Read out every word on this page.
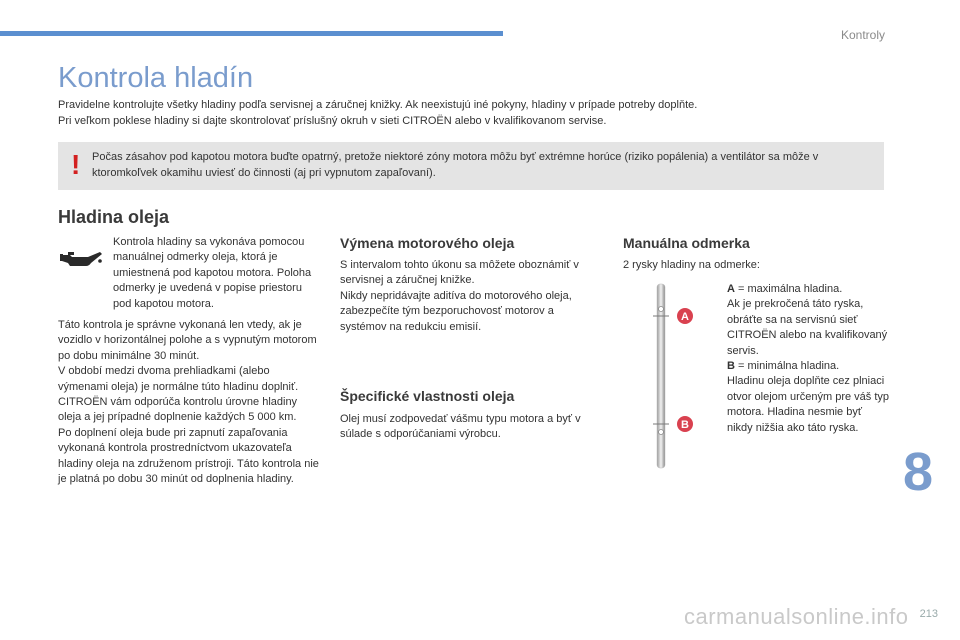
Kontroly
Kontrola hladín

Pravidelne kontrolujte všetky hladiny podľa servisnej a záručnej knižky. Ak neexistujú iné pokyny, hladiny v prípade potreby doplňte.

Pri veľkom poklese hladiny si dajte skontrolovať príslušný okruh v sieti CITROËN alebo v kvalifikovanom servise.

! Počas zásahov pod kapotou motora buďte opatrný, pretože niektoré zóny motora môžu byť extrémne horúce (riziko popálenia) a ventilátor sa môže v ktoromkoľvek okamihu uviesť do činnosti (aj pri vypnutom zapaľovaní).
Hladina oleja
Kontrola hladiny sa vykonáva pomocou manuálnej odmerky oleja, ktorá je umiestnená pod kapotou motora. Poloha odmerky je uvedená v popise priestoru pod kapotou motora.

Táto kontrola je správne vykonaná len vtedy, ak je vozidlo v horizontálnej polohe a s vypnutým motorom po dobu minimálne 30 minút.

V období medzi dvoma prehliadkami (alebo výmenami oleja) je normálne túto hladinu doplniť. CITROËN vám odporúča kontrolu úrovne hladiny oleja a jej prípadné doplnenie každých 5 000 km.

Po doplnení oleja bude pri zapnutí zapaľovania vykonaná kontrola prostredníctvom ukazovateľa hladiny oleja na združenom prístroji. Táto kontrola nie je platná po dobu 30 minút od doplnenia hladiny.

Výmena motorového oleja

S intervalom tohto úkonu sa môžete oboznámiť v servisnej a záručnej knižke.

Nikdy nepridávajte aditíva do motorového oleja, zabezpečíte tým bezporuchovosť motorov a systémov na redukciu emisií.

Špecifické vlastnosti oleja
Olej musí zodpovedať vášmu typu motora a byť v súlade s odporúčaniami výrobcu.
Manuálna odmerka
2 rysky hladiny na odmerke:
A
B

A = maximálna hladina.

Ak je prekročená táto ryska, obráťte sa na servisnú sieť CITROËN alebo na kvalifikovaný servis.

B = minimálna hladina.

Hladinu oleja doplňte cez plniaci otvor olejom určeným pre váš typ motora. Hladina nesmie byť nikdy nižšia ako táto ryska.

8
213
carmanualsonline.info
